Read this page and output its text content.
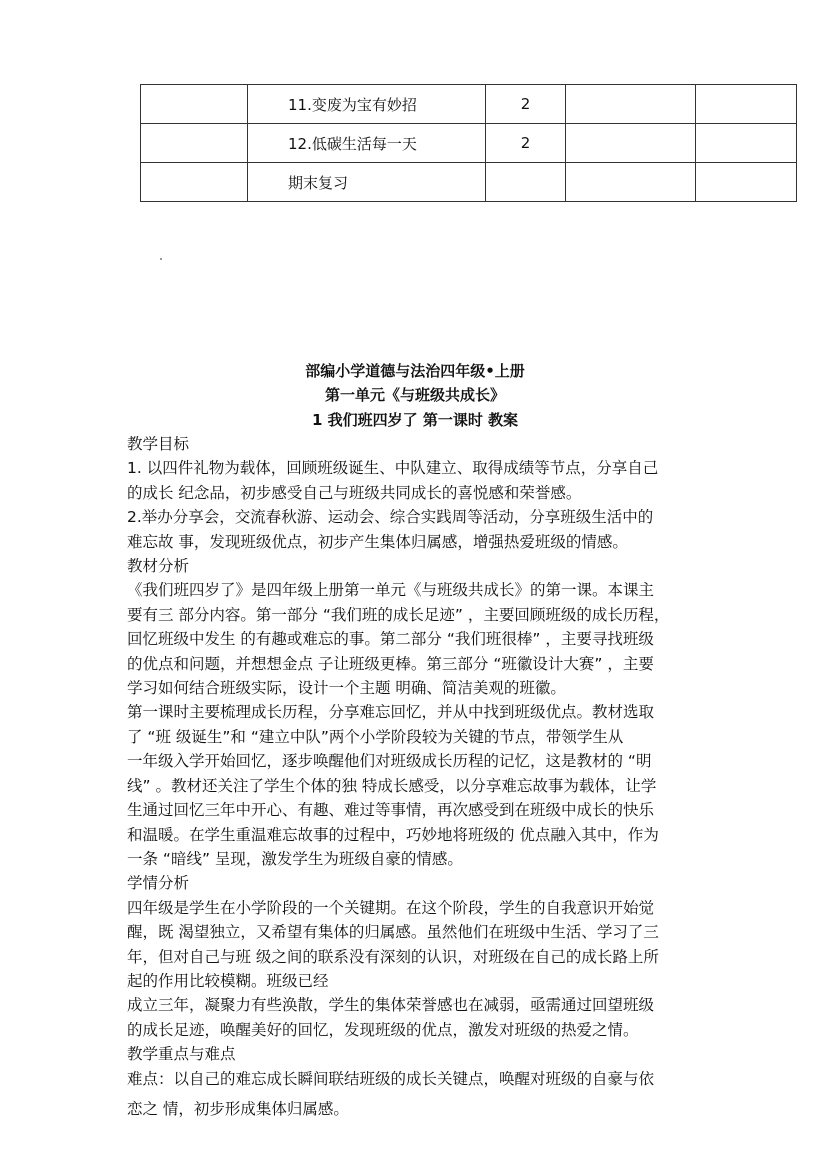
	11.变废为宝有妙招	2		
	12.低碳生活每一天	2		
	期末复习			
部编小学道德与法治四年级•上册
第一单元《与班级共成长》
1 我们班四岁了 第一课时 教案
教学目标
1. 以四件礼物为载体，回顾班级诞生、中队建立、取得成绩等节点，分享自己
的成长 纪念品，初步感受自己与班级共同成长的喜悦感和荣誉感。
2.举办分享会，交流春秋游、运动会、综合实践周等活动，分享班级生活中的
难忘故 事，发现班级优点，初步产生集体归属感，增强热爱班级的情感。
教材分析
《我们班四岁了》是四年级上册第一单元《与班级共成长》的第一课。本课主
要有三 部分内容。第一部分 “我们班的成长足迹” ，主要回顾班级的成长历程，
回忆班级中发生 的有趣或难忘的事。第二部分 “我们班很棒” ，主要寻找班级
的优点和问题，并想想金点 子让班级更棒。第三部分 “班徽设计大赛” ，主要
学习如何结合班级实际，设计一个主题 明确、简洁美观的班徽。
第一课时主要梳理成长历程，分享难忘回忆，并从中找到班级优点。教材选取
了 “班 级诞生”和 “建立中队”两个小学阶段较为关键的节点，带领学生从
一年级入学开始回忆，逐步唤醒他们对班级成长历程的记忆，这是教材的 “明
线” 。教材还关注了学生个体的独 特成长感受，以分享难忘故事为载体，让学
生通过回忆三年中开心、有趣、难过等事情，再次感受到在班级中成长的快乐
和温暖。在学生重温难忘故事的过程中，巧妙地将班级的 优点融入其中，作为
一条 “暗线” 呈现，激发学生为班级自豪的情感。
学情分析
四年级是学生在小学阶段的一个关键期。在这个阶段，学生的自我意识开始觉
醒，既 渴望独立，又希望有集体的归属感。虽然他们在班级中生活、学习了三
年，但对自己与班 级之间的联系没有深刻的认识，对班级在自己的成长路上所
起的作用比较模糊。班级已经
成立三年，凝聚力有些涣散，学生的集体荣誉感也在减弱，亟需通过回望班级
的成长足迹，唤醒美好的回忆，发现班级的优点，激发对班级的热爱之情。
教学重点与难点
难点：以自己的难忘成长瞬间联结班级的成长关键点，唤醒对班级的自豪与依
恋之 情，初步形成集体归属感。
